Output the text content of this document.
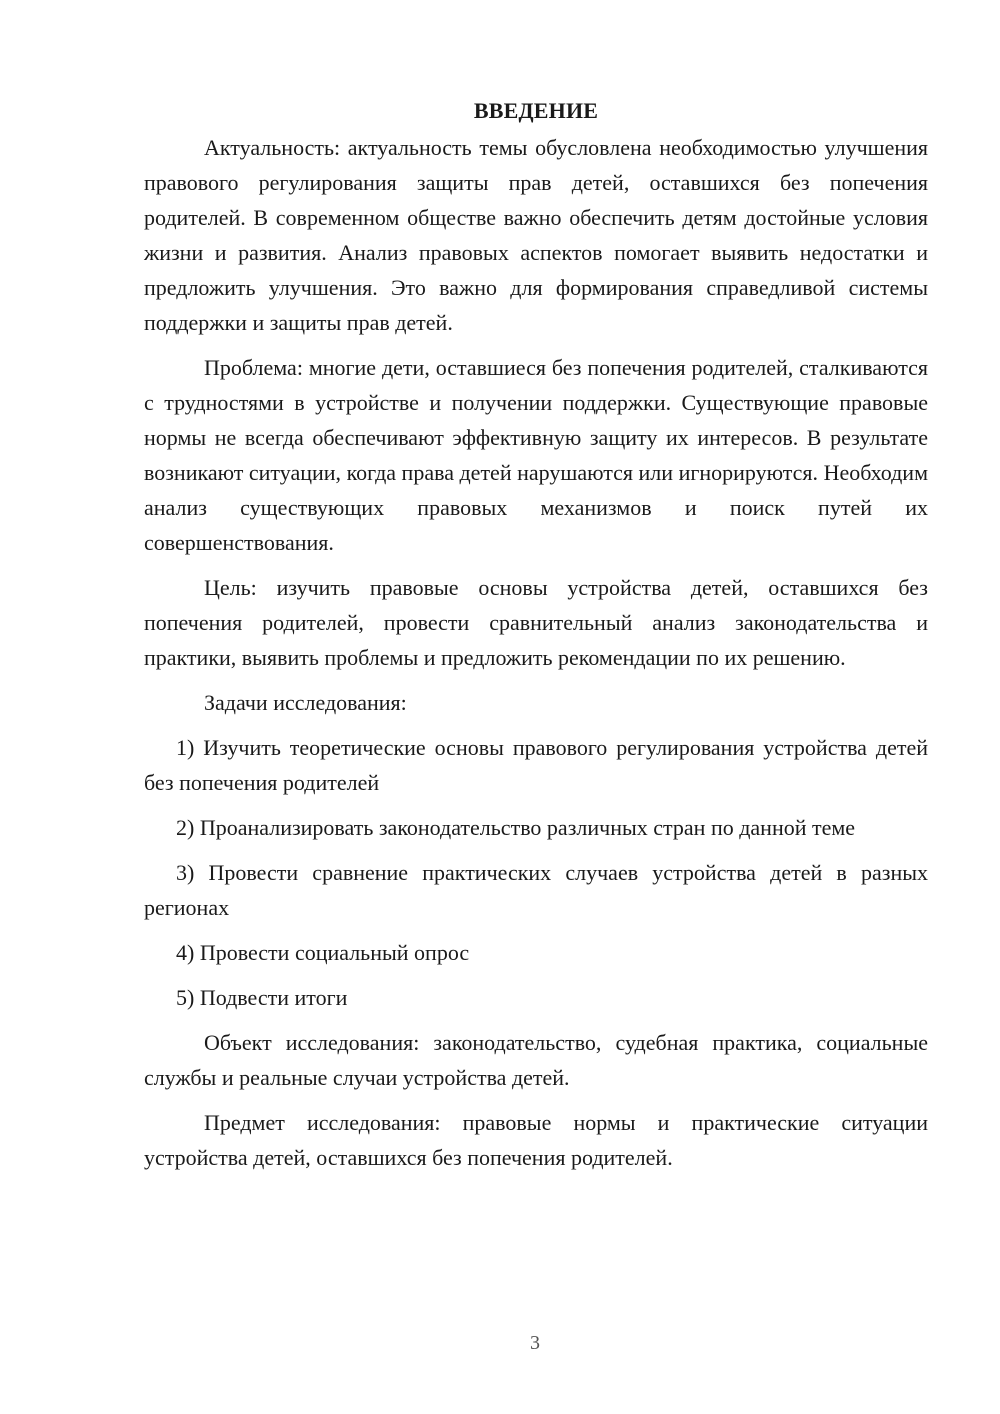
ВВЕДЕНИЕ

Актуальность: актуальность темы обусловлена необходимостью улучшения правового регулирования защиты прав детей, оставшихся без попечения родителей. В современном обществе важно обеспечить детям достойные условия жизни и развития. Анализ правовых аспектов помогает выявить недостатки и предложить улучшения. Это важно для формирования справедливой системы поддержки и защиты прав детей.

Проблема: многие дети, оставшиеся без попечения родителей, сталкиваются с трудностями в устройстве и получении поддержки. Существующие правовые нормы не всегда обеспечивают эффективную защиту их интересов. В результате возникают ситуации, когда права детей нарушаются или игнорируются. Необходим анализ существующих правовых механизмов и поиск путей их совершенствования.

Цель: изучить правовые основы устройства детей, оставшихся без попечения родителей, провести сравнительный анализ законодательства и практики, выявить проблемы и предложить рекомендации по их решению.

Задачи исследования:

1) Изучить теоретические основы правового регулирования устройства детей без попечения родителей

2) Проанализировать законодательство различных стран по данной теме

3) Провести сравнение практических случаев устройства детей в разных регионах

4) Провести социальный опрос

5) Подвести итоги

Объект исследования: законодательство, судебная практика, социальные службы и реальные случаи устройства детей.

Предмет исследования: правовые нормы и практические ситуации устройства детей, оставшихся без попечения родителей.

3
